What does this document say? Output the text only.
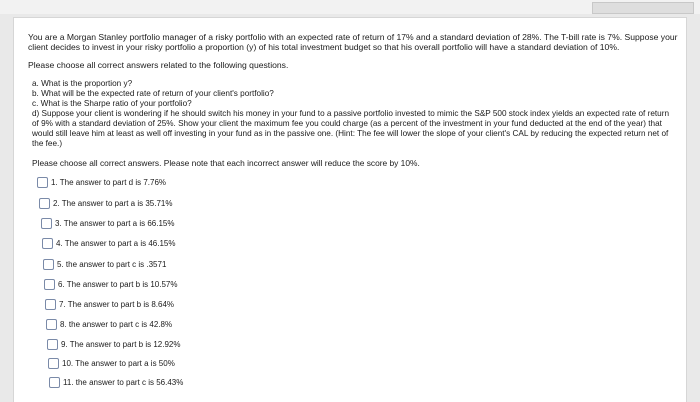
You are a Morgan Stanley portfolio manager of a risky portfolio with an expected rate of return of 17% and a standard deviation of 28%. The T-bill rate is 7%. Suppose your client decides to invest in your risky portfolio a proportion (y) of his total investment budget so that his overall portfolio will have a standard deviation of 10%.
Please choose all correct answers related to the following questions.
a. What is the proportion y?
b. What will be the expected rate of return of your client's portfolio?
c. What is the Sharpe ratio of your portfolio?
d) Suppose your client is wondering if he should switch his money in your fund to a passive portfolio invested to mimic the S&P 500 stock index yields an expected rate of return of 9% with a standard deviation of 25%. Show your client the maximum fee you could charge (as a percent of the investment in your fund deducted at the end of the year) that would still leave him at least as well off investing in your fund as in the passive one. (Hint: The fee will lower the slope of your client's CAL by reducing the expected return net of the fee.)
Please choose all correct answers. Please note that each incorrect answer will reduce the score by 10%.
1. The answer to part d is 7.76%
2. The answer to part a is 35.71%
3. The answer to part a is 66.15%
4. The answer to part a is 46.15%
5. the answer to part c is .3571
6. The answer to part b is 10.57%
7. The answer to part b is 8.64%
8. the answer to part c is 42.8%
9. The answer to part b is 12.92%
10. The answer to part a is 50%
11. the answer to part c is 56.43%
